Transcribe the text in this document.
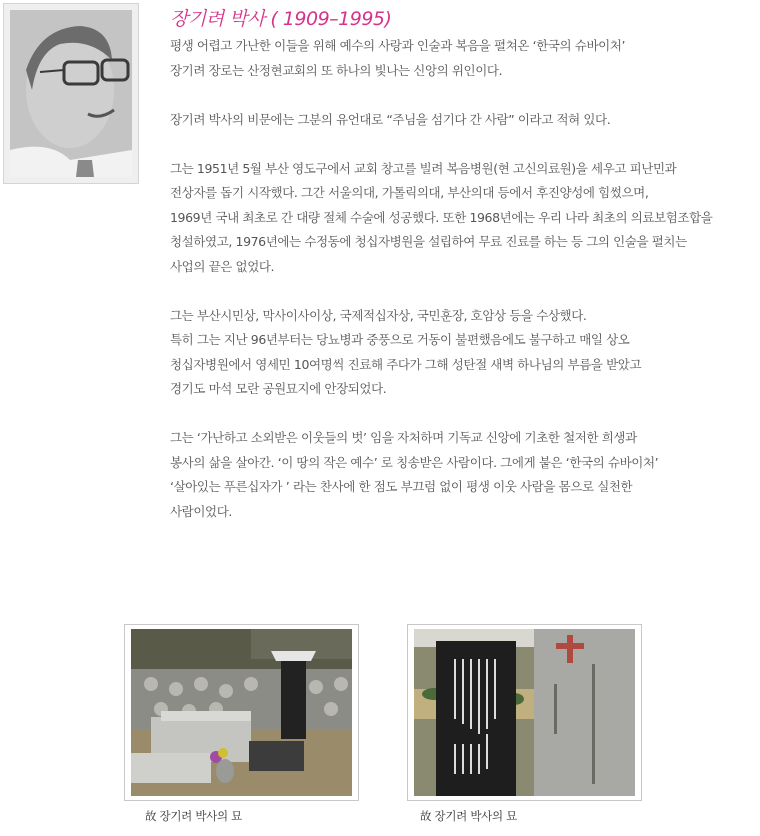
장기려 박사 ( 1909–1995)

평생 어렵고 가난한 이들을 위해 예수의 사랑과 인술과 복음을 펼쳐온 ‘한국의 슈바이처’
장기려 장로는 산정현교회의 또 하나의 빛나는 신앙의 위인이다.

장기려 박사의 비문에는 그분의 유언대로 “주님을 섬기다 간 사람” 이라고 적혀 있다.

그는 1951년 5월 부산 영도구에서 교회 창고를 빌려 복음병원(현 고신의료원)을 세우고 피난민과
전상자를 돕기 시작했다. 그간 서울의대, 가톨릭의대, 부산의대 등에서 후진양성에 힘썼으며,
1969년 국내 최초로 간 대량 절체 수술에 성공했다. 또한 1968년에는 우리 나라 최초의 의료보험조합을
청설하였고, 1976년에는 수정동에 청십자병원을 설립하여 무료 진료를 하는 등 그의 인술을 펼치는
사업의 끝은 없었다.

그는 부산시민상, 막사이사이상, 국제적십자상, 국민훈장, 호암상 등을 수상했다.
특히 그는 지난 96년부터는 당뇨병과 중풍으로 거동이 불편했음에도 불구하고 매일 상오
청십자병원에서 영세민 10여명씩 진료해 주다가 그해 성탄절 새벽 하나님의 부름을 받았고
경기도 마석 모란 공원묘지에 안장되었다.

그는 ‘가난하고 소외받은 이웃들의 벗’ 임을 자처하며 기독교 신앙에 기초한 철저한 희생과
봉사의 삶을 살아간. ‘이 땅의 작은 예수’ 로 칭송받은 사람이다. 그에게 붙은 ‘한국의 슈바이처’
‘살아있는 푸른십자가 ’ 라는 찬사에 한 점도 부끄럼 없이 평생 이웃 사람을 몸으로 실천한
사람이었다.

故 장기려 박사의 묘	故 장기려 박사의 묘
